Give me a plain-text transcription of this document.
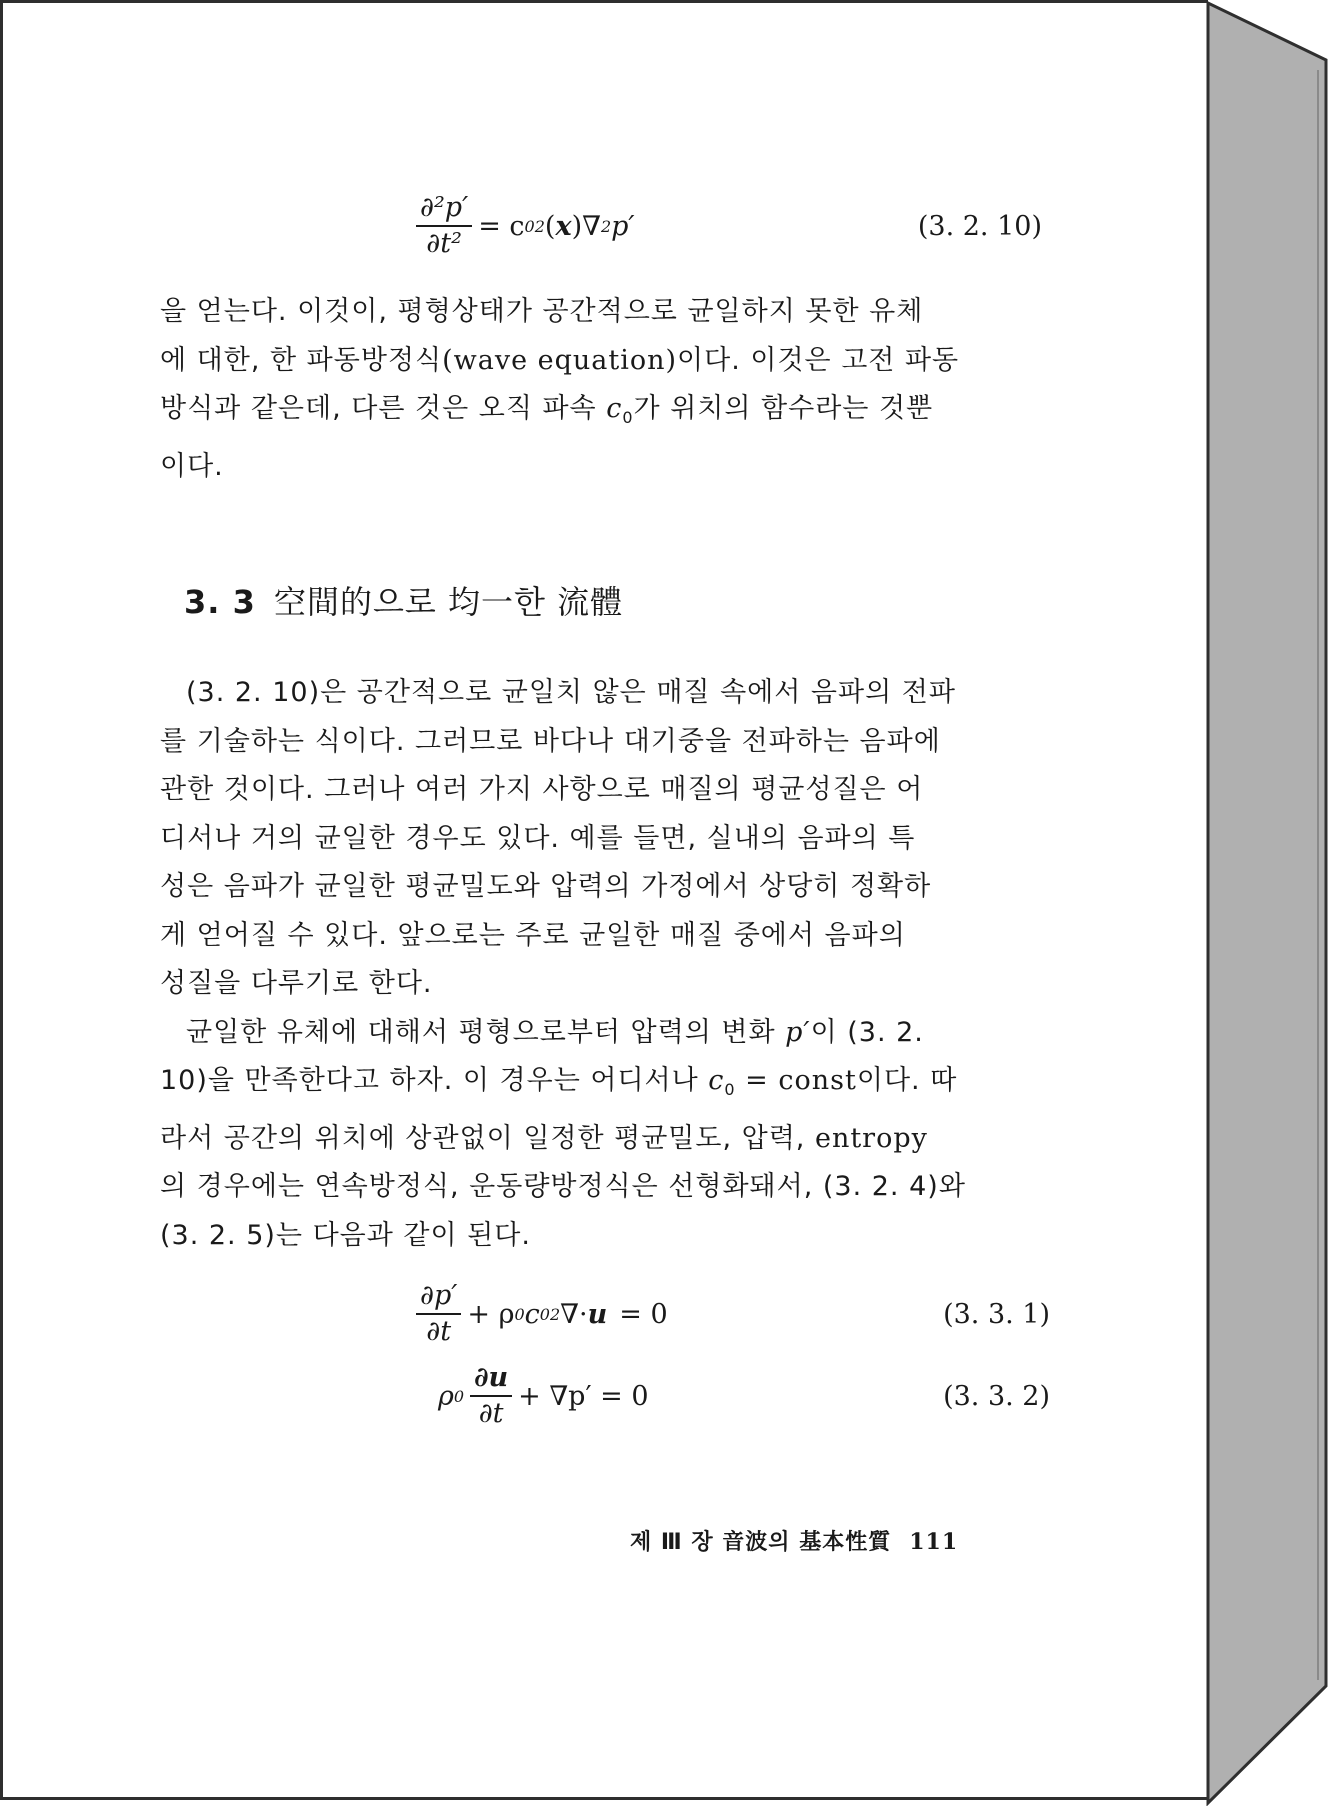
$\frac{\text{∂²p′}}{\text{∂t²}} = c$ 0 2 ( x )∇ 2 p′	(3. 2. 10)

을 얻는다. 이것이, 평형상태가 공간적으로 균일하지 못한 유체

에 대한, 한 파동방정식(wave equation)이다. 이것은 고전 파동

방식과 같은데, 다른 것은 오직 파속 $c_0$가 위치의 함수라는 것뿐

이다.

3. 3 空間的으로 均一한 流體

(3. 2. 10)은 공간적으로 균일치 않은 매질 속에서 음파의 전파

를 기술하는 식이다. 그러므로 바다나 대기중을 전파하는 음파에

관한 것이다. 그러나 여러 가지 사항으로 매질의 평균성질은 어

디서나 거의 균일한 경우도 있다. 예를 들면, 실내의 음파의 특

성은 음파가 균일한 평균밀도와 압력의 가정에서 상당히 정확하

게 얻어질 수 있다. 앞으로는 주로 균일한 매질 중에서 음파의

성질을 다루기로 한다.

균일한 유체에 대해서 평형으로부터 압력의 변화 p′이 (3. 2.

10)을 만족한다고 하자. 이 경우는 어디서나 $c_0$ = const이다. 따

라서 공간의 위치에 상관없이 일정한 평균밀도, 압력, entropy

의 경우에는 연속방정식, 운동량방정식은 선형화돼서, (3. 2. 4)와

(3. 2. 5)는 다음과 같이 된다.

$\frac{\partial p'}{\partial t} + \rho$ 0 c 0 2 ∇· u = 0	(3. 3. 1)
ρ $0 \frac{\partial u}{\partial t} + \nabla p' = 0$	(3. 3. 2)
제 Ⅲ 장 音波의 基本性質 111
